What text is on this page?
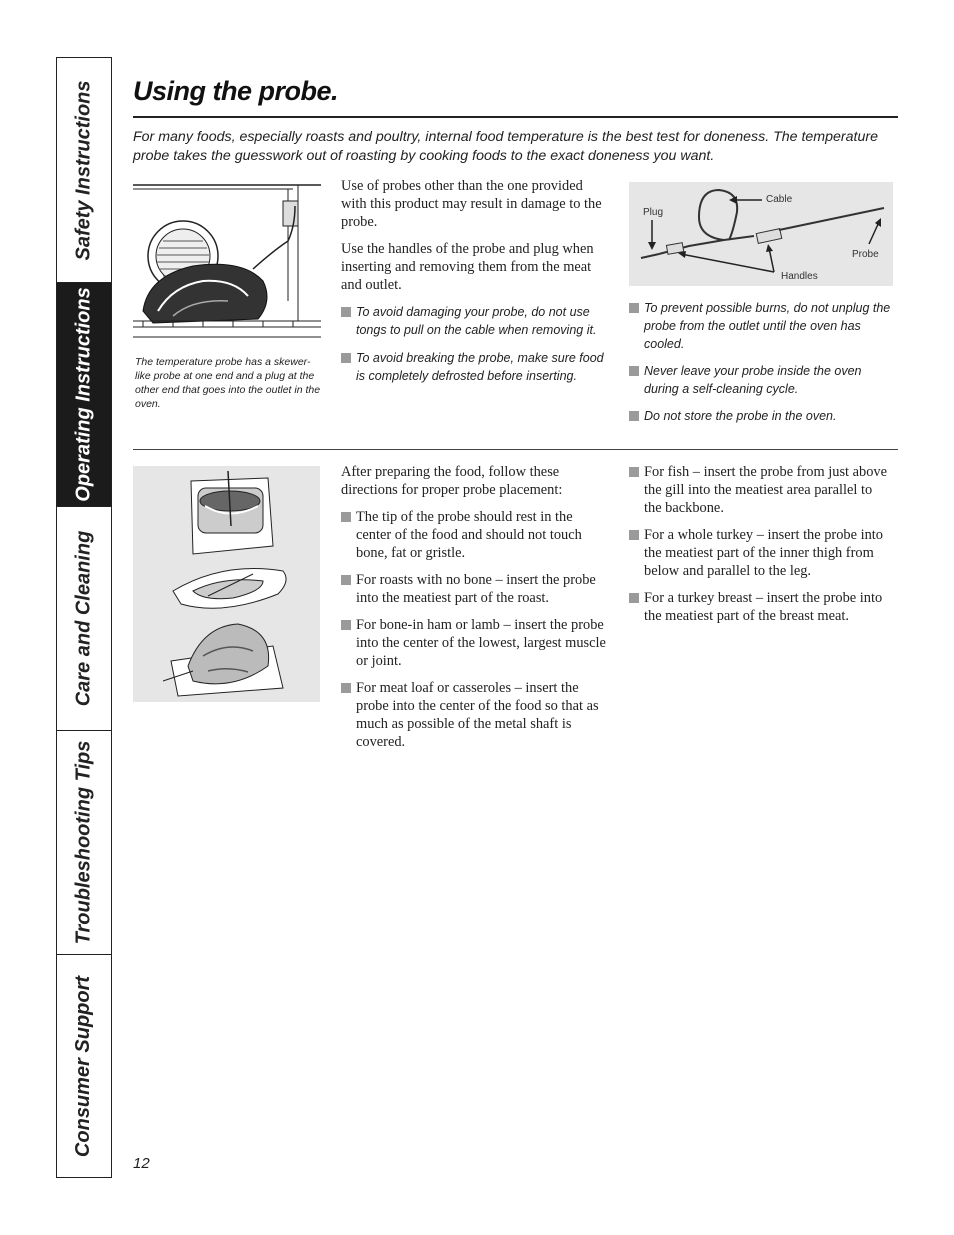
Safety Instructions
Operating Instructions
Care and Cleaning
Troubleshooting Tips
Consumer Support
Using the probe.

For many foods, especially roasts and poultry, internal food temperature is the best test for doneness. The temperature probe takes the guesswork out of roasting by cooking foods to the exact doneness you want.

The temperature probe has a skewer-like probe at one end and a plug at the other end that goes into the outlet in the oven.

Use of probes other than the one provided with this product may result in damage to the probe.

Use the handles of the probe and plug when inserting and removing them from the meat and outlet.

To avoid damaging your probe, do not use tongs to pull on the cable when removing it.

To avoid breaking the probe, make sure food is completely defrosted before inserting.

Plug
Cable
Probe
Handles

To prevent possible burns, do not unplug the probe from the outlet until the oven has cooled.

Never leave your probe inside the oven during a self-cleaning cycle.

Do not store the probe in the oven.

After preparing the food, follow these directions for proper probe placement:

The tip of the probe should rest in the center of the food and should not touch bone, fat or gristle.

For roasts with no bone – insert the probe into the meatiest part of the roast.

For bone-in ham or lamb – insert the probe into the center of the lowest, largest muscle or joint.

For meat loaf or casseroles – insert the probe into the center of the food so that as much as possible of the metal shaft is covered.

For fish – insert the probe from just above the gill into the meatiest area parallel to the backbone.

For a whole turkey – insert the probe into the meatiest part of the inner thigh from below and parallel to the leg.

For a turkey breast – insert the probe into the meatiest part of the breast meat.

12
